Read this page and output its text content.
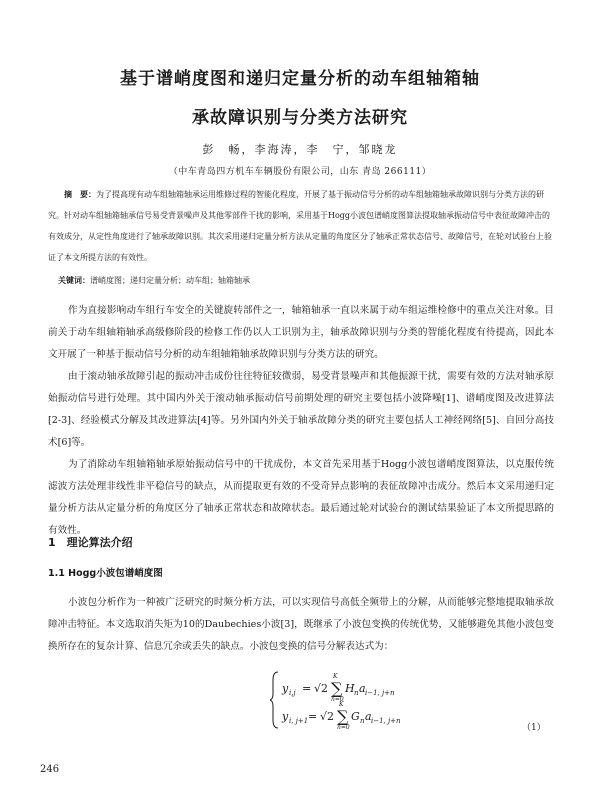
基于谱峭度图和递归定量分析的动车组轴箱轴
承故障识别与分类方法研究
彭　畅，李海涛，李　宁，邹晓龙
（中车青岛四方机车车辆股份有限公司，山东 青岛 266111）

摘　要：为了提高现有动车组轴箱轴承运用维修过程的智能化程度，开展了基于振动信号分析的动车组轴箱轴承故障识别与分类方法的研究。针对动车组轴箱轴承信号易受背景噪声及其他零部件干扰的影响，采用基于Hogg小波包谱峭度图算法提取轴承振动信号中表征故障冲击的有效成分，从定性角度进行了轴承故障识别。其次采用递归定量分析方法从定量的角度区分了轴承正常状态信号、故障信号，在轮对试验台上验证了本文所提方法的有效性。

关键词：谱峭度图；递归定量分析；动车组；轴箱轴承

作为直接影响动车组行车安全的关键旋转部件之一，轴箱轴承一直以来属于动车组运维检修中的重点关注对象。目前关于动车组轴箱轴承高级修阶段的检修工作仍以人工识别为主，轴承故障识别与分类的智能化程度有待提高，因此本文开展了一种基于振动信号分析的动车组轴箱轴承故障识别与分类方法的研究。

由于滚动轴承故障引起的振动冲击成份往往特征较微弱，易受背景噪声和其他振源干扰，需要有效的方法对轴承原始振动信号进行处理。其中国内外关于滚动轴承振动信号前期处理的研究主要包括小波降噪[1]、谱峭度图及改进算法[2-3]、经验模式分解及其改进算法[4]等。另外国内外关于轴承故障分类的研究主要包括人工神经网络[5]、自回分高技术[6]等。

为了消除动车组轴箱轴承原始振动信号中的干扰成份，本文首先采用基于Hogg小波包谱峭度图算法，以克服传统滤波方法处理非线性非平稳信号的缺点，从而提取更有效的不受奇异点影响的表征故障冲击成分。然后本文采用递归定量分析方法从定量分析的角度区分了轴承正常状态和故障状态。最后通过轮对试验台的测试结果验证了本文所提思路的有效性。

1　理论算法介绍
1.1 Hogg小波包谱峭度图

小波包分析作为一种被广泛研究的时频分析方法，可以实现信号高低全频带上的分解，从而能够完整地提取轴承故障冲击特征。本文选取消失矩为10的Daubechies小波[3]，既继承了小波包变换的传统优势，又能够避免其他小波包变换所存在的复杂计算、信息冗余或丢失的缺点。小波包变换的信号分解表达式为：

y i,j = √2 ∑
K
n=0
H n a i−1, j+n
y i, j+1 = √2 ∑
K
n=0
G n a i−1, j+n
（1）
246
